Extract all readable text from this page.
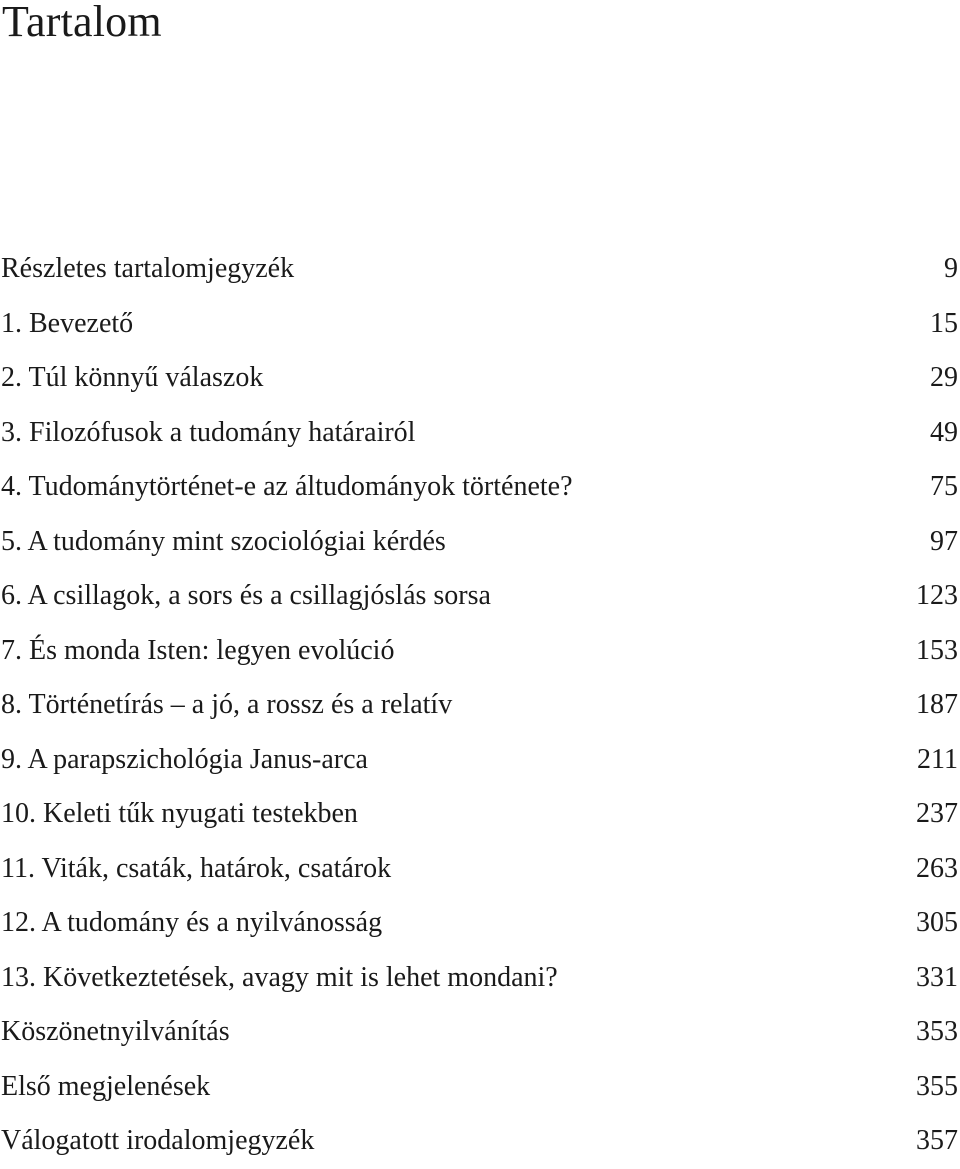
Tartalom
Részletes tartalomjegyzék	9
1. Bevezető	15
2. Túl könnyű válaszok	29
3. Filozófusok a tudomány határairól	49
4. Tudománytörténet-e az áltudományok története?	75
5. A tudomány mint szociológiai kérdés	97
6. A csillagok, a sors és a csillagjóslás sorsa	123
7. És monda Isten: legyen evolúció	153
8. Történetírás – a jó, a rossz és a relatív	187
9. A parapszichológia Janus-arca	211
10. Keleti tűk nyugati testekben	237
11. Viták, csaták, határok, csatárok	263
12. A tudomány és a nyilvánosság	305
13. Következtetések, avagy mit is lehet mondani?	331
Köszönetnyilvánítás	353
Első megjelenések	355
Válogatott irodalomjegyzék	357
